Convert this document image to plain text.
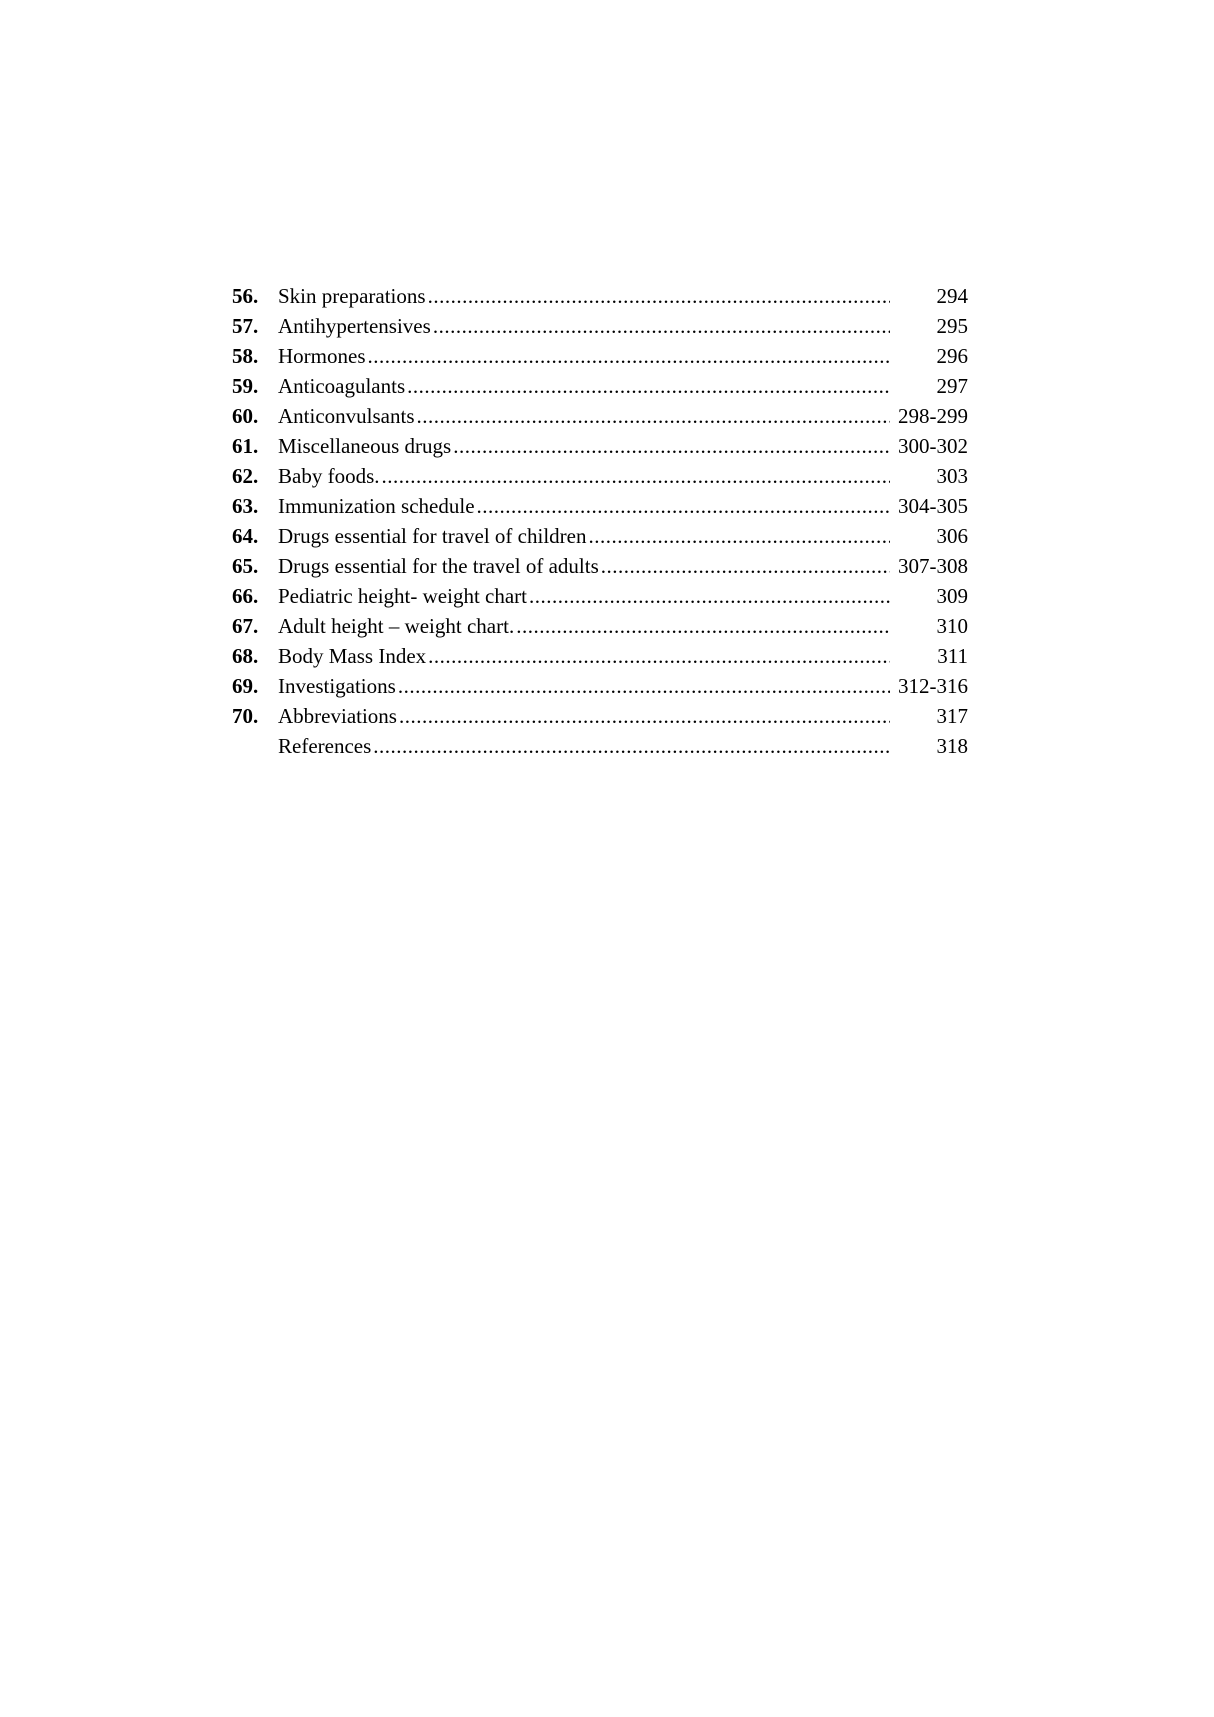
56. Skin preparations .....	294
57. Antihypertensives .....	295
58. Hormones .....	296
59. Anticoagulants .....	297
60. Anticonvulsants .....	298-299
61. Miscellaneous drugs .....	300-302
62. Baby foods. .....	303
63. Immunization schedule .....	304-305
64. Drugs essential for travel of children .....	306
65. Drugs essential for the travel of adults .....	307-308
66. Pediatric height- weight chart .....	309
67. Adult height – weight chart. .....	310
68. Body Mass Index .....	311
69. Investigations .....	312-316
70. Abbreviations .....	317
References .....	318
